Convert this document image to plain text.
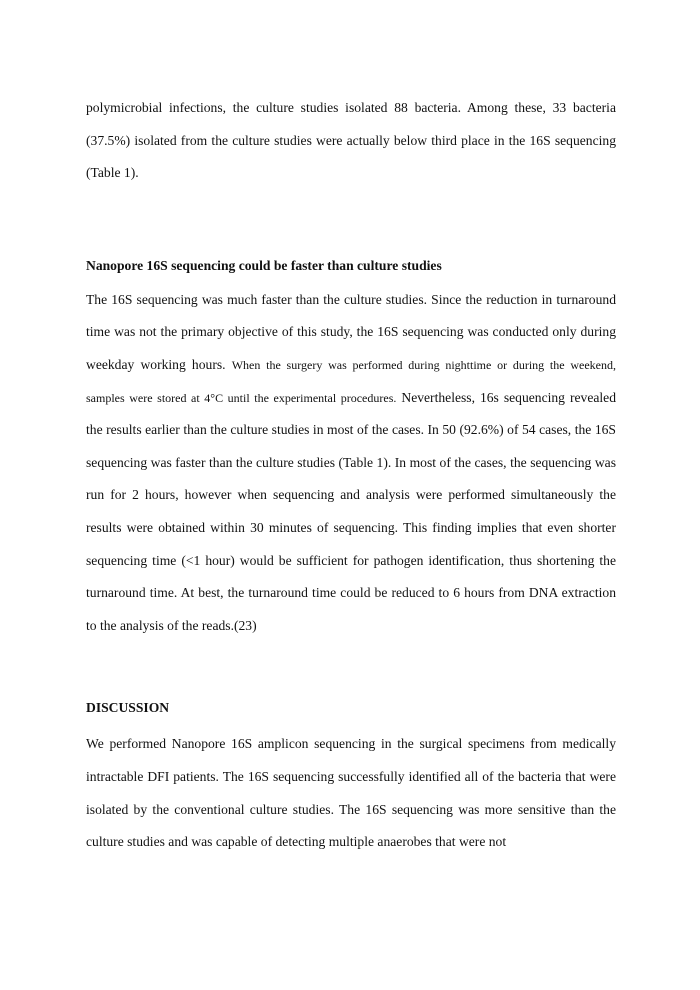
polymicrobial infections, the culture studies isolated 88 bacteria. Among these, 33 bacteria (37.5%) isolated from the culture studies were actually below third place in the 16S sequencing (Table 1).

Nanopore 16S sequencing could be faster than culture studies

The 16S sequencing was much faster than the culture studies. Since the reduction in turnaround time was not the primary objective of this study, the 16S sequencing was conducted only during weekday working hours. When the surgery was performed during nighttime or during the weekend, samples were stored at 4°C until the experimental procedures. Nevertheless, 16s sequencing revealed the results earlier than the culture studies in most of the cases. In 50 (92.6%) of 54 cases, the 16S sequencing was faster than the culture studies (Table 1). In most of the cases, the sequencing was run for 2 hours, however when sequencing and analysis were performed simultaneously the results were obtained within 30 minutes of sequencing. This finding implies that even shorter sequencing time (<1 hour) would be sufficient for pathogen identification, thus shortening the turnaround time. At best, the turnaround time could be reduced to 6 hours from DNA extraction to the analysis of the reads.(23)

DISCUSSION

We performed Nanopore 16S amplicon sequencing in the surgical specimens from medically intractable DFI patients. The 16S sequencing successfully identified all of the bacteria that were isolated by the conventional culture studies. The 16S sequencing was more sensitive than the culture studies and was capable of detecting multiple anaerobes that were not
